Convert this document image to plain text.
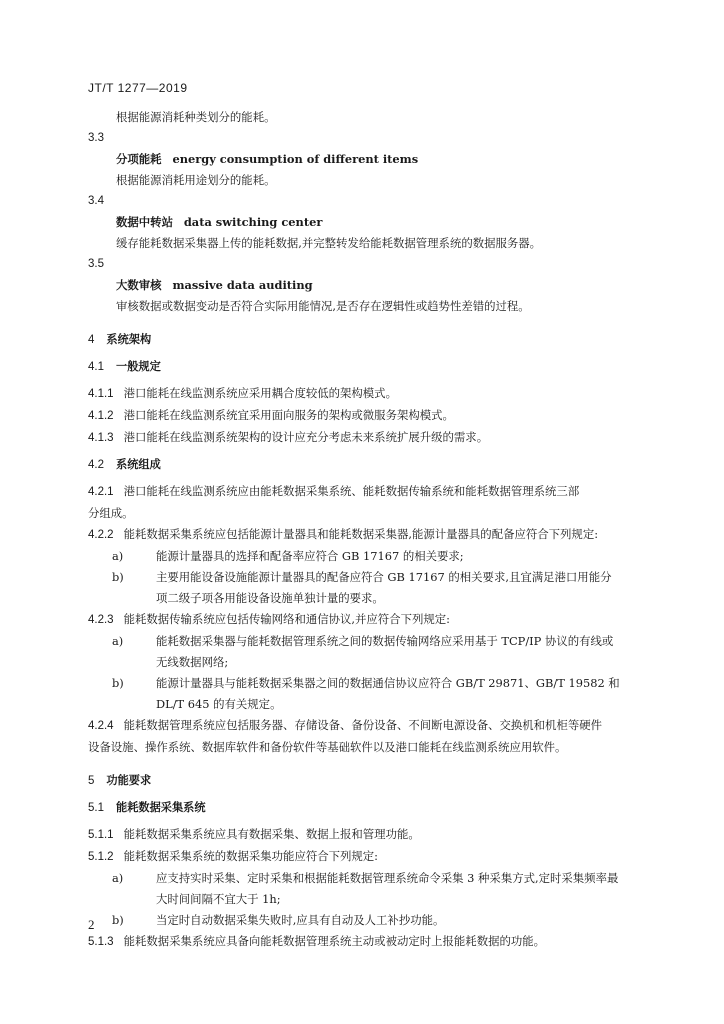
JT/T 1277—2019
根据能源消耗种类划分的能耗。
3.3
分项能耗 energy consumption of different items
根据能源消耗用途划分的能耗。
3.4
数据中转站 data switching center
缓存能耗数据采集器上传的能耗数据,并完整转发给能耗数据管理系统的数据服务器。
3.5
大数审核 massive data auditing
审核数据或数据变动是否符合实际用能情况,是否存在逻辑性或趋势性差错的过程。
4 系统架构
4.1 一般规定
4.1.1 港口能耗在线监测系统应采用耦合度较低的架构模式。
4.1.2 港口能耗在线监测系统宜采用面向服务的架构或微服务架构模式。
4.1.3 港口能耗在线监测系统架构的设计应充分考虑未来系统扩展升级的需求。
4.2 系统组成
4.2.1 港口能耗在线监测系统应由能耗数据采集系统、能耗数据传输系统和能耗数据管理系统三部
分组成。
4.2.2 能耗数据采集系统应包括能源计量器具和能耗数据采集器,能源计量器具的配备应符合下列规定:
a)	能源计量器具的选择和配备率应符合 GB 17167 的相关要求;
b)	主要用能设备设施能源计量器具的配备应符合 GB 17167 的相关要求,且宜满足港口用能分
项二级子项各用能设备设施单独计量的要求。
4.2.3 能耗数据传输系统应包括传输网络和通信协议,并应符合下列规定:
a)	能耗数据采集器与能耗数据管理系统之间的数据传输网络应采用基于 TCP/IP 协议的有线或
无线数据网络;
b)	能源计量器具与能耗数据采集器之间的数据通信协议应符合 GB/T 29871、GB/T 19582 和
DL/T 645 的有关规定。
4.2.4 能耗数据管理系统应包括服务器、存储设备、备份设备、不间断电源设备、交换机和机柜等硬件
设备设施、操作系统、数据库软件和备份软件等基础软件以及港口能耗在线监测系统应用软件。
5 功能要求
5.1 能耗数据采集系统
5.1.1 能耗数据采集系统应具有数据采集、数据上报和管理功能。
5.1.2 能耗数据采集系统的数据采集功能应符合下列规定:
a)	应支持实时采集、定时采集和根据能耗数据管理系统命令采集 3 种采集方式,定时采集频率最
大时间间隔不宜大于 1h;
b)	当定时自动数据采集失败时,应具有自动及人工补抄功能。
5.1.3 能耗数据采集系统应具备向能耗数据管理系统主动或被动定时上报能耗数据的功能。
2
